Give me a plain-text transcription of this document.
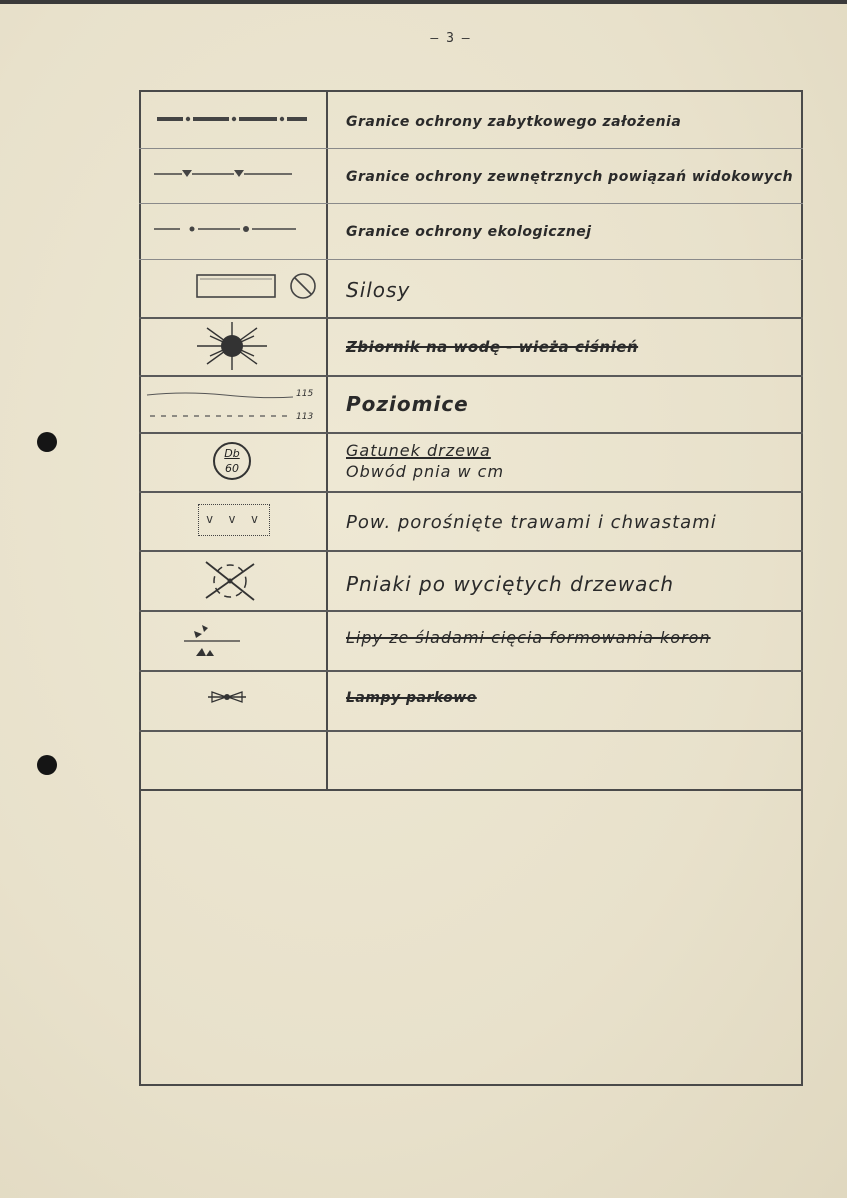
– 3 –
Granice ochrony zabytkowego założenia
Granice ochrony zewnętrznych powiązań widokowych
Granice ochrony ekologicznej
Silosy
Zbiornik na wodę - wieża ciśnień
115
113
Poziomice
Db
60
Gatunek drzewa
Obwód pnia w cm
v v v	Pow. porośnięte trawami i chwastami
Pniaki po wyciętych drzewach
Lipy ze śladami cięcia formowania koron
Lampy parkowe
